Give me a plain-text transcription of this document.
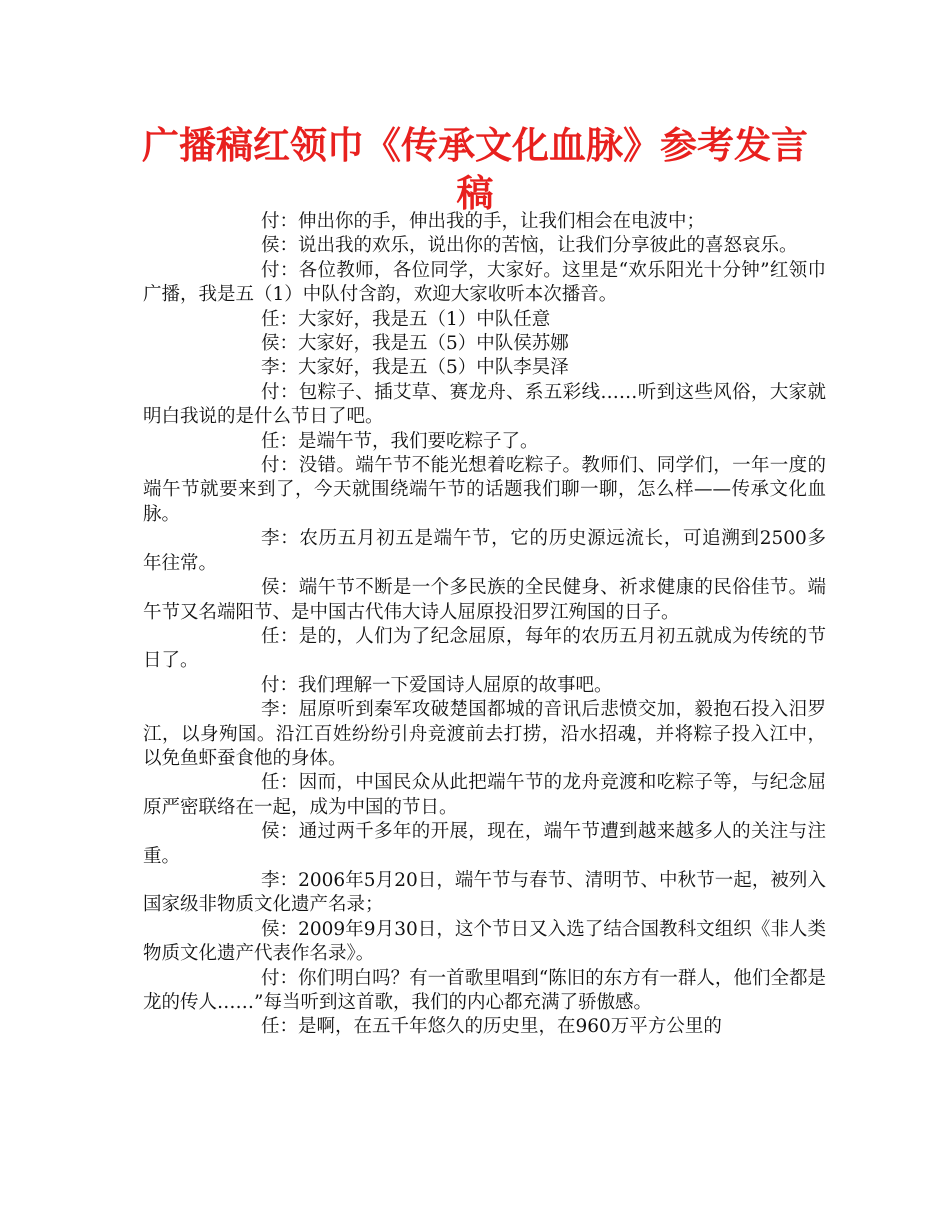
广播稿红领巾《传承文化血脉》参考发言稿

付：伸出你的手，伸出我的手，让我们相会在电波中；

侯：说出我的欢乐，说出你的苦恼，让我们分享彼此的喜怒哀乐。

付：各位教师，各位同学，大家好。这里是“欢乐阳光十分钟”红领巾广播，我是五（1）中队付含韵，欢迎大家收听本次播音。

任：大家好，我是五（1）中队任意

侯：大家好，我是五（5）中队侯苏娜

李：大家好，我是五（5）中队李昊泽

付：包粽子、插艾草、赛龙舟、系五彩线……听到这些风俗，大家就明白我说的是什么节日了吧。

任：是端午节，我们要吃粽子了。

付：没错。端午节不能光想着吃粽子。教师们、同学们，一年一度的端午节就要来到了，今天就围绕端午节的话题我们聊一聊，怎么样——传承文化血脉。

李：农历五月初五是端午节，它的历史源远流长，可追溯到2500多年往常。

侯：端午节不断是一个多民族的全民健身、祈求健康的民俗佳节。端午节又名端阳节、是中国古代伟大诗人屈原投汨罗江殉国的日子。

任：是的，人们为了纪念屈原，每年的农历五月初五就成为传统的节日了。

付：我们理解一下爱国诗人屈原的故事吧。

李：屈原听到秦军攻破楚国都城的音讯后悲愤交加，毅抱石投入汨罗江，以身殉国。沿江百姓纷纷引舟竞渡前去打捞，沿水招魂，并将粽子投入江中，以免鱼虾蚕食他的身体。

任：因而，中国民众从此把端午节的龙舟竞渡和吃粽子等，与纪念屈原严密联络在一起，成为中国的节日。

侯：通过两千多年的开展，现在，端午节遭到越来越多人的关注与注重。

李：2006年5月20日，端午节与春节、清明节、中秋节一起，被列入国家级非物质文化遗产名录；

侯：2009年9月30日，这个节日又入选了结合国教科文组织《非人类物质文化遗产代表作名录》。

付：你们明白吗？有一首歌里唱到“陈旧的东方有一群人，他们全都是龙的传人……”每当听到这首歌，我们的内心都充满了骄傲感。

任：是啊，在五千年悠久的历史里，在960万平方公里的
